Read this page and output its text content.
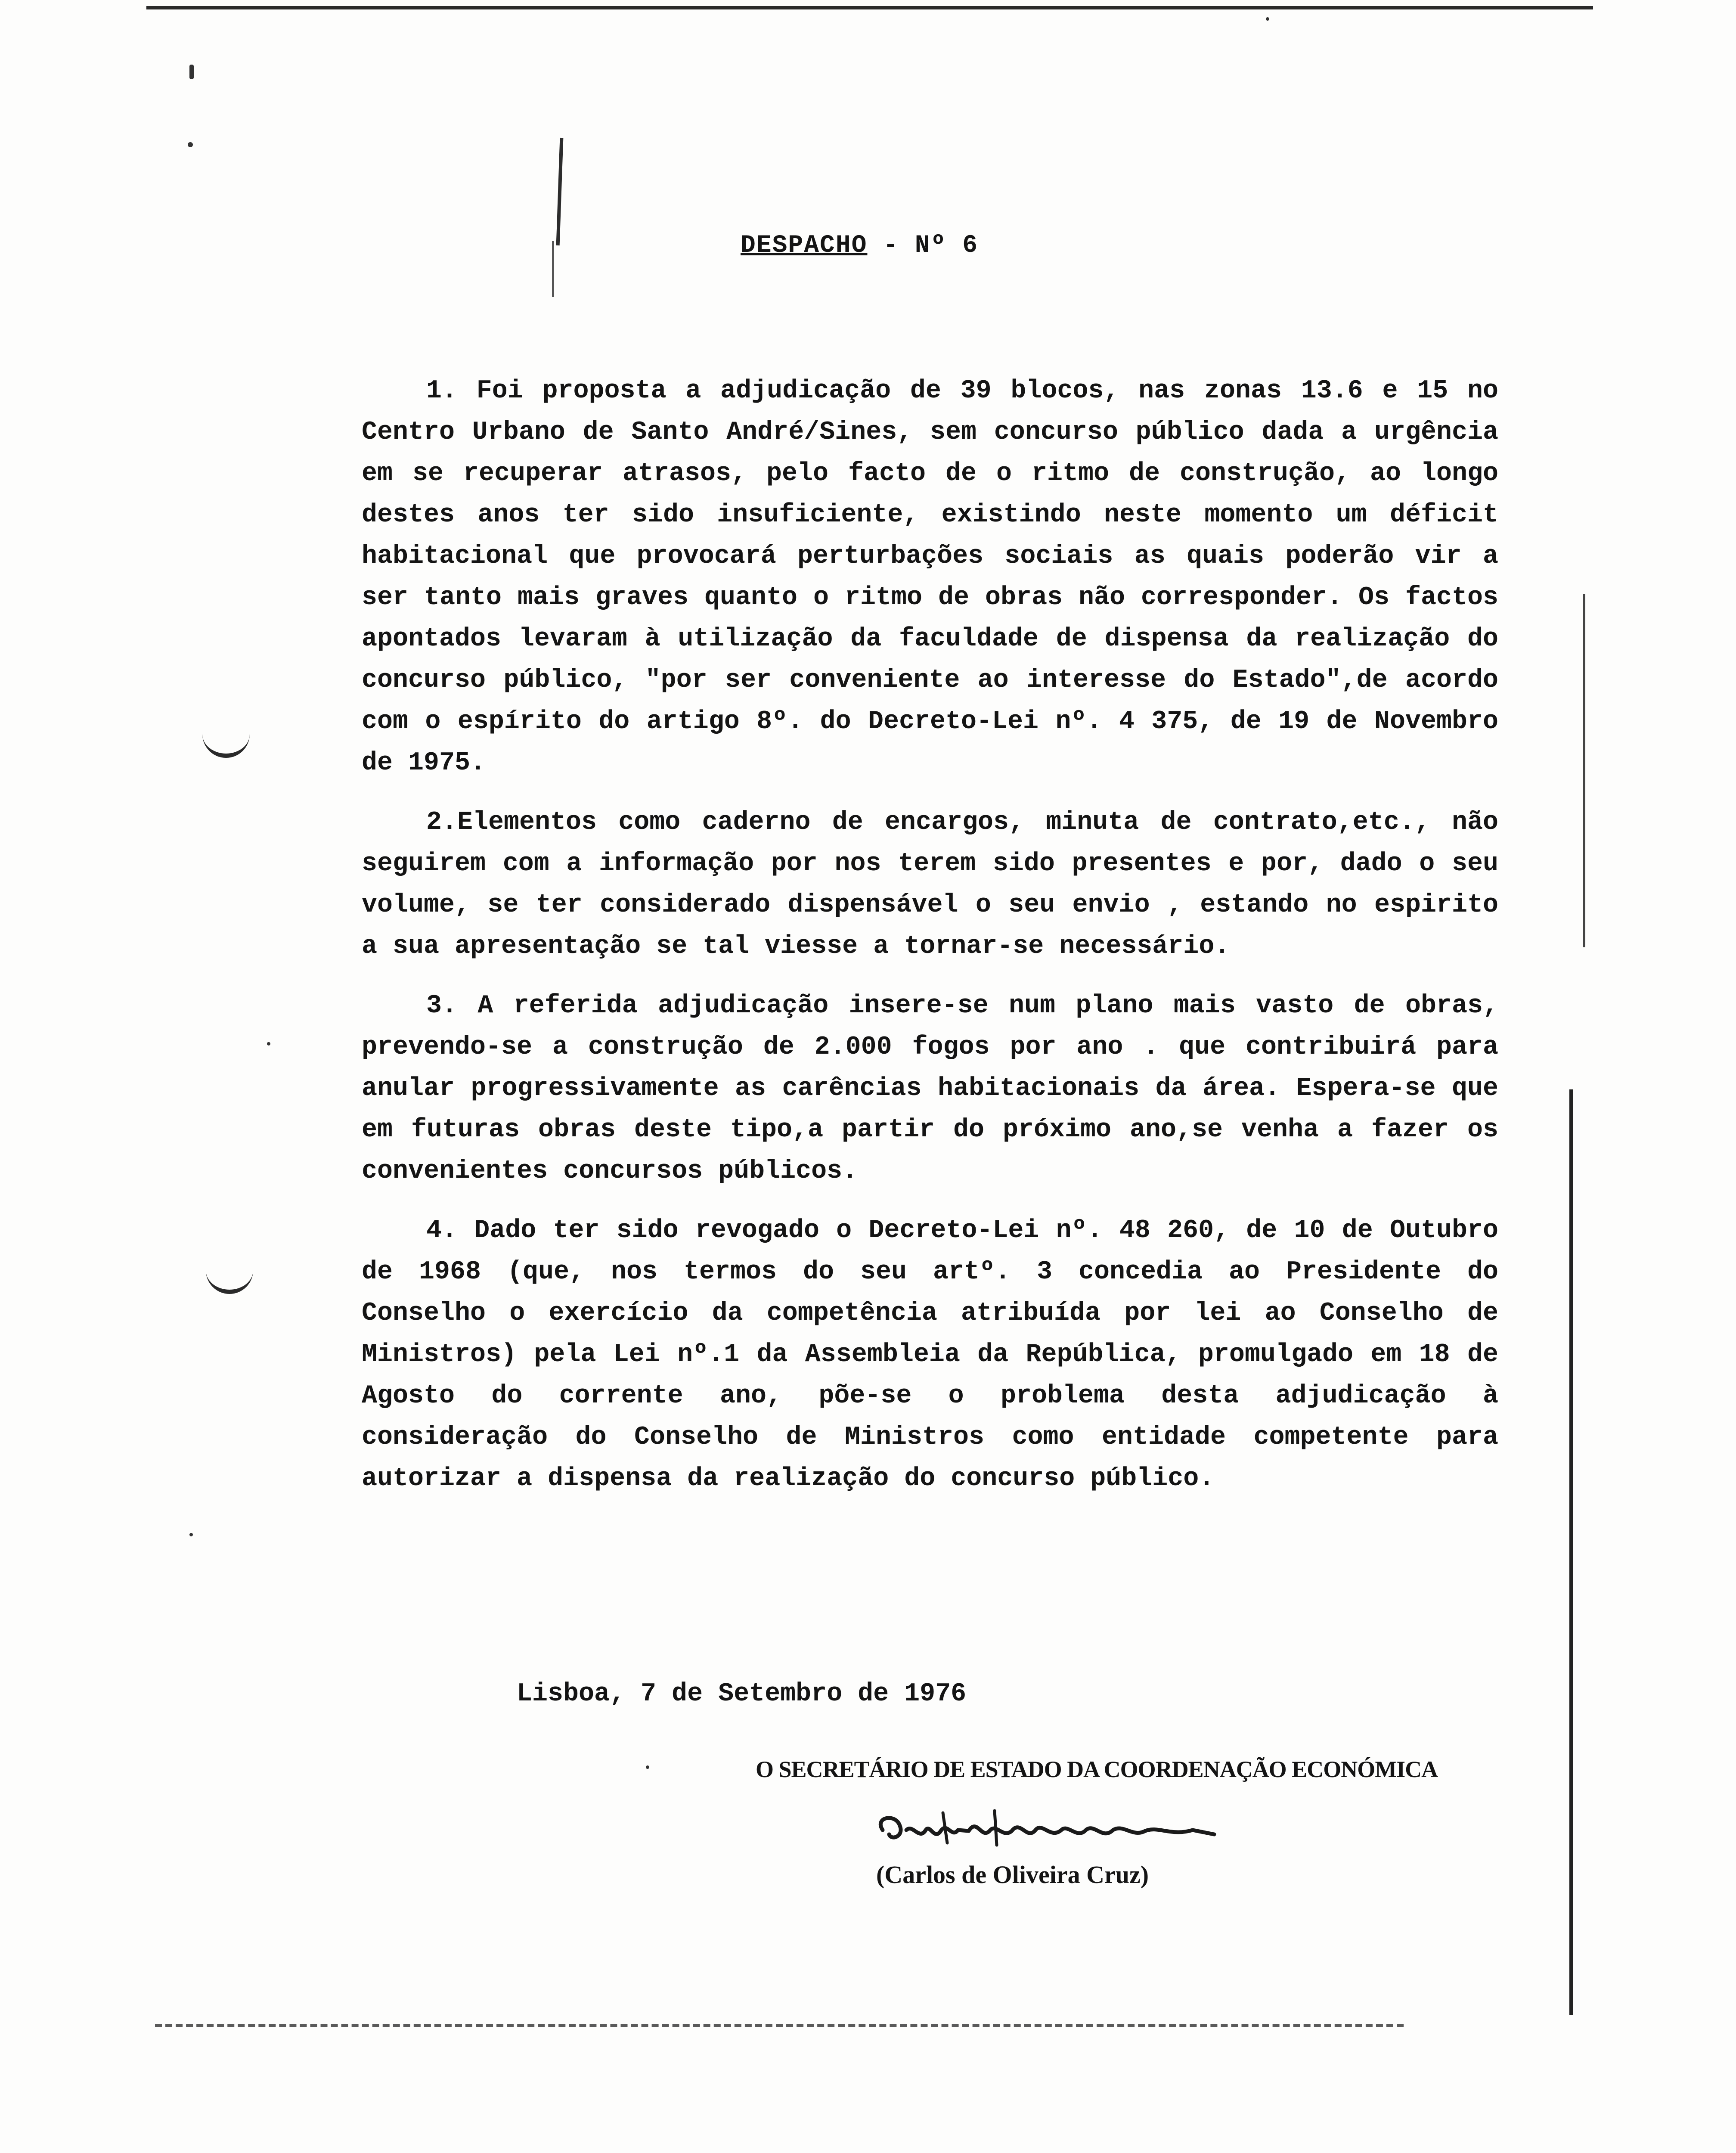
DESPACHO - Nº 6

1. Foi proposta a adjudicação de 39 blocos, nas zonas 13.6 e 15 no Centro Urbano de Santo André/Sines, sem concurso público dada a urgência em se recuperar atrasos, pelo facto de o ritmo de construção, ao longo destes anos ter sido insuficiente, existindo neste momento um déficit habitacional que provocará perturbações sociais as quais poderão vir a ser tanto mais graves quanto o ritmo de obras não corresponder. Os factos apontados levaram à utilização da faculdade de dispensa da realização do concurso público, "por ser conveniente ao interesse do Estado",de acordo com o espírito do artigo 8º. do Decreto-Lei nº. 4 375, de 19 de Novembro de 1975.

2.Elementos como caderno de encargos, minuta de contrato,etc., não seguirem com a informação por nos terem sido presentes e por, dado o seu volume, se ter considerado dispensável o seu envio , estando no espirito a sua apresentação se tal viesse a tornar-se necessário.

3. A referida adjudicação insere-se num plano mais vasto de obras, prevendo-se a construção de 2.000 fogos por ano . que contribuirá para anular progressivamente as carências habitacionais da área. Espera-se que em futuras obras deste tipo,a partir do próximo ano,se venha a fazer os convenientes concursos públicos.

4. Dado ter sido revogado o Decreto-Lei nº. 48 260, de 10 de Outubro de 1968 (que, nos termos do seu artº. 3 concedia ao Presidente do Conselho o exercício da competência atribuída por lei ao Conselho de Ministros) pela Lei nº.1 da Assembleia da República, promulgado em 18 de Agosto do corrente ano, põe-se o problema desta adjudicação à consideração do Conselho de Ministros como entidade competente para autorizar a dispensa da realização do concurso público.

Lisboa, 7 de Setembro de 1976
O SECRETÁRIO DE ESTADO DA COORDENAÇÃO ECONÓMICA
(Carlos de Oliveira Cruz)
